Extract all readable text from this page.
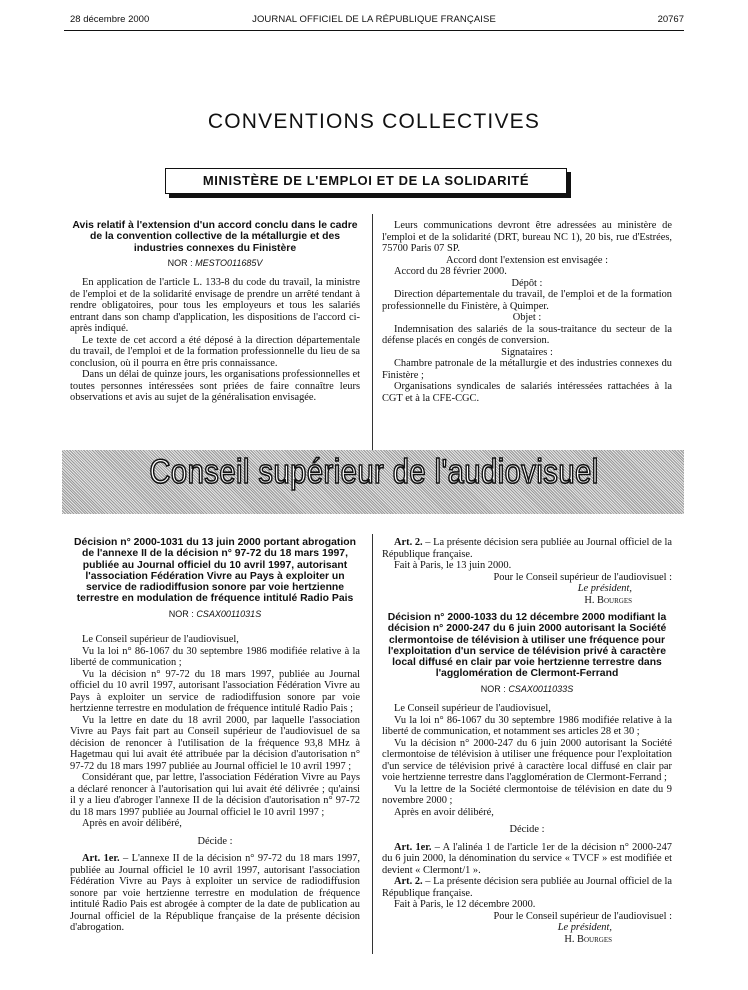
28 décembre 2000	JOURNAL OFFICIEL DE LA RÉPUBLIQUE FRANÇAISE	20767
CONVENTIONS COLLECTIVES
MINISTÈRE DE L'EMPLOI ET DE LA SOLIDARITÉ
Avis relatif à l'extension d'un accord conclu dans le cadre de la convention collective de la métallurgie et des industries connexes du Finistère
NOR : MESTO011685V

En application de l'article L. 133-8 du code du travail, la ministre de l'emploi et de la solidarité envisage de prendre un arrêté tendant à rendre obligatoires, pour tous les employeurs et tous les salariés entrant dans son champ d'application, les dispositions de l'accord ci-après indiqué.

Le texte de cet accord a été déposé à la direction départementale du travail, de l'emploi et de la formation professionnelle du lieu de sa conclusion, où il pourra en être pris connaissance.

Dans un délai de quinze jours, les organisations professionnelles et toutes personnes intéressées sont priées de faire connaître leurs observations et avis au sujet de la généralisation envisagée.

Leurs communications devront être adressées au ministère de l'emploi et de la solidarité (DRT, bureau NC 1), 20 bis, rue d'Estrées, 75700 Paris 07 SP.

Accord dont l'extension est envisagée :

Accord du 28 février 2000.

Dépôt :

Direction départementale du travail, de l'emploi et de la formation professionnelle du Finistère, à Quimper.

Objet :

Indemnisation des salariés de la sous-traitance du secteur de la défense placés en congés de conversion.

Signataires :

Chambre patronale de la métallurgie et des industries connexes du Finistère ;

Organisations syndicales de salariés intéressées rattachées à la CGT et à la CFE-CGC.

Conseil supérieur de l'audiovisuel
Décision n° 2000-1031 du 13 juin 2000 portant abrogation de l'annexe II de la décision n° 97-72 du 18 mars 1997, publiée au Journal officiel du 10 avril 1997, autorisant l'association Fédération Vivre au Pays à exploiter un service de radiodiffusion sonore par voie hertzienne terrestre en modulation de fréquence intitulé Radio Pais
NOR : CSAX0011031S

Le Conseil supérieur de l'audiovisuel,

Vu la loi n° 86-1067 du 30 septembre 1986 modifiée relative à la liberté de communication ;

Vu la décision n° 97-72 du 18 mars 1997, publiée au Journal officiel du 10 avril 1997, autorisant l'association Fédération Vivre au Pays à exploiter un service de radiodiffusion sonore par voie hertzienne terrestre en modulation de fréquence intitulé Radio Pais ;

Vu la lettre en date du 18 avril 2000, par laquelle l'association Vivre au Pays fait part au Conseil supérieur de l'audiovisuel de sa décision de renoncer à l'utilisation de la fréquence 93,8 MHz à Hagetmau qui lui avait été attribuée par la décision d'autorisation n° 97-72 du 18 mars 1997 publiée au Journal officiel le 10 avril 1997 ;

Considérant que, par lettre, l'association Fédération Vivre au Pays a déclaré renoncer à l'autorisation qui lui avait été délivrée ; qu'ainsi il y a lieu d'abroger l'annexe II de la décision d'autorisation n° 97-72 du 18 mars 1997 publiée au Journal officiel le 10 avril 1997 ;

Après en avoir délibéré,

Décide :

Art. 1er. – L'annexe II de la décision n° 97-72 du 18 mars 1997, publiée au Journal officiel le 10 avril 1997, autorisant l'association Fédération Vivre au Pays à exploiter un service de radiodiffusion sonore par voie hertzienne terrestre en modulation de fréquence intitulé Radio Pais est abrogée à compter de la date de publication au Journal officiel de la République française de la présente décision d'abrogation.

Art. 2. – La présente décision sera publiée au Journal officiel de la République française.

Fait à Paris, le 13 juin 2000.

Pour le Conseil supérieur de l'audiovisuel :
Le président,
H. Bourges
Décision n° 2000-1033 du 12 décembre 2000 modifiant la décision n° 2000-247 du 6 juin 2000 autorisant la Société clermontoise de télévision à utiliser une fréquence pour l'exploitation d'un service de télévision privé à caractère local diffusé en clair par voie hertzienne terrestre dans l'agglomération de Clermont-Ferrand
NOR : CSAX0011033S

Le Conseil supérieur de l'audiovisuel,

Vu la loi n° 86-1067 du 30 septembre 1986 modifiée relative à la liberté de communication, et notamment ses articles 28 et 30 ;

Vu la décision n° 2000-247 du 6 juin 2000 autorisant la Société clermontoise de télévision à utiliser une fréquence pour l'exploitation d'un service de télévision privé à caractère local diffusé en clair par voie hertzienne terrestre dans l'agglomération de Clermont-Ferrand ;

Vu la lettre de la Société clermontoise de télévision en date du 9 novembre 2000 ;

Après en avoir délibéré,

Décide :

Art. 1er. – A l'alinéa 1 de l'article 1er de la décision n° 2000-247 du 6 juin 2000, la dénomination du service « TVCF » est modifiée et devient « Clermont/1 ».

Art. 2. – La présente décision sera publiée au Journal officiel de la République française.

Fait à Paris, le 12 décembre 2000.

Pour le Conseil supérieur de l'audiovisuel :
Le président,
H. Bourges
